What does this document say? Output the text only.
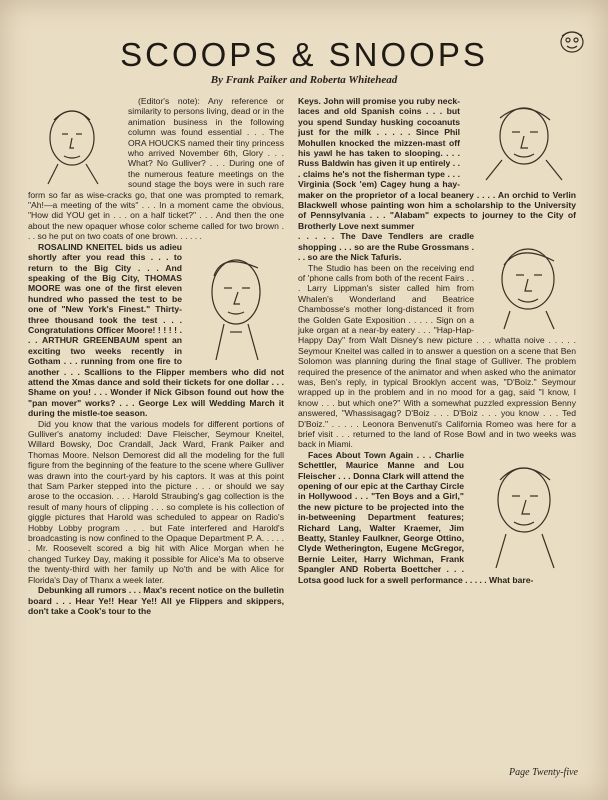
SCOOPS & SNOOPS
By Frank Paiker and Roberta Whitehead

(Editor's note): Any reference or similarity to persons living, dead or in the animation business in the following column was found essential . . . The ORA HOUCKS named their tiny princess who arrived November 6th, Glory . . . What? No Gulliver? . . . During one of the numerous feature meetings on the sound stage the boys were in such rare form so far as wise-cracks go, that one was prompted to remark, "Ah!—a meeting of the wits" . . . In a moment came the obvious, "How did YOU get in . . . on a half ticket?" . . . And then the one about the new opaquer whose color scheme called for two brown . . . so he put on two coats of one brown. . . . . .

ROSALIND KNEITEL bids us adieu shortly after you read this . . . to return to the Big City . . . And speaking of the Big City, THOMAS MOORE was one of the first eleven hundred who passed the test to be one of "New York's Finest." Thirty-three thousand took the test . . . Congratulations Officer Moore! ! ! ! ! . . . ARTHUR GREENBAUM spent an exciting two weeks recently in Gotham . . . running from one fire to another . . . Scallions to the Flipper members who did not attend the Xmas dance and sold their tickets for one dollar . . . Shame on you! . . . Wonder if Nick Gibson found out how the "pan mover" works? . . . George Lex will Wedding March it during the mistle-toe season.

Did you know that the various models for different portions of Gulliver's anatomy included: Dave Fleischer, Seymour Kneitel, Willard Bowsky, Doc Crandall, Jack Ward, Frank Paiker and Thomas Moore. Nelson Demorest did all the modeling for the full figure from the beginning of the feature to the scene where Gulliver was drawn into the court-yard by his captors. It was at this point that Sam Parker stepped into the picture . . . or should we say arose to the occasion. . . . Harold Straubing's gag collection is the result of many hours of clipping . . . so complete is his collection of giggle pictures that Harold was scheduled to appear on Radio's Hobby Lobby program . . . but Fate interfered and Harold's broadcasting is now confined to the Opaque Department P. A. . . . . . Mr. Roosevelt scored a big hit with Alice Morgan when he changed Turkey Day, making it possible for Alice's Ma to observe the twenty-third with her family up No'th and be with Alice for Florida's Day of Thanx a week later.

Debunking all rumors . . . Max's recent notice on the bulletin board . . . Hear Ye!! Hear Ye!! All ye Flippers and skippers, don't take a Cook's tour to the

Keys. John will promise you ruby neck-laces and old Spanish coins . . . but you spend Sunday husking cocoanuts just for the milk . . . . . Since Phil Mohullen knocked the mizzen-mast off his yawl he has taken to slooping. . . . Russ Baldwin has given it up entirely . . . claims he's not the fisherman type . . . Virginia (Sock 'em) Cagey hung a hay-maker on the proprietor of a local beanery . . . . An orchid to Verlin Blackwell whose painting won him a scholarship to the University of Pennsylvania . . . "Alabam" expects to journey to the City of Brotherly Love next summer

. . . . . The Dave Tendlers are cradle shopping . . . so are the Rube Grossmans . . . so are the Nick Tafuris.

The Studio has been on the receiving end of 'phone calls from both of the recent Fairs . . . Larry Lippman's sister called him from Whalen's Wonderland and Beatrice Chambosse's mother long-distanced it from the Golden Gate Exposition . . . . . Sign on a juke organ at a near-by eatery . . . "Hap-Hap-Happy Day" from Walt Disney's new picture . . . whatta noive . . . . . Seymour Kneitel was called in to answer a question on a scene that Ben Solomon was planning during the final stage of Gulliver. The problem required the presence of the animator and when asked who the animator was, Ben's reply, in typical Brooklyn accent was, "D'Boiz." Seymour wrapped up in the problem and in no mood for a gag, said "I know, I know . . . but which one?" With a somewhat puzzled expression Benny answered, "Whassisagag? D'Boiz . . . D'Boiz . . . you know . . . Ted D'Boiz." . . . . . Leonora Benvenuti's California Romeo was here for a brief visit . . . returned to the land of Rose Bowl and in two weeks was back in Miami.

Faces About Town Again . . . Charlie Schettler, Maurice Manne and Lou Fleischer . . . Donna Clark will attend the opening of our epic at the Carthay Circle in Hollywood . . . "Ten Boys and a Girl," the new picture to be projected into the in-betweening Department features; Richard Lang, Walter Kraemer, Jim Beatty, Stanley Faulkner, George Ottino, Clyde Wetherington, Eugene McGregor, Bernie Leiter, Harry Wichman, Frank Spangler AND Roberta Boettcher . . . Lotsa good luck for a swell performance . . . . . What bare-

Page Twenty-five
